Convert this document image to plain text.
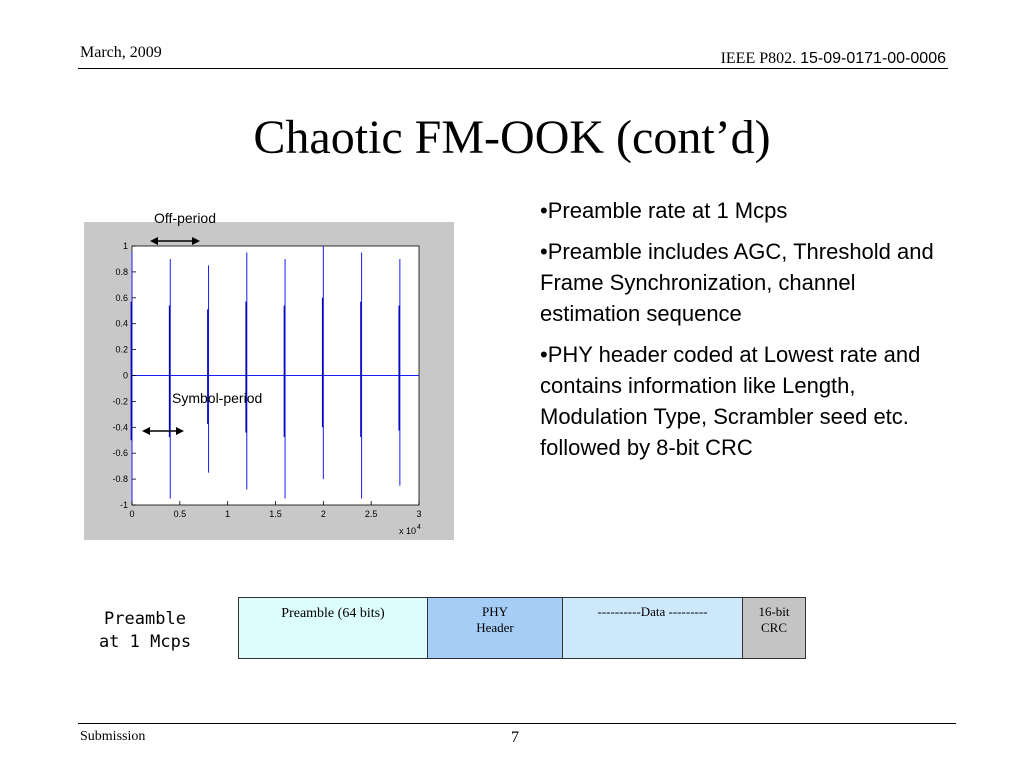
March, 2009	IEEE P802. 15-09-0171-00-0006
Chaotic FM-OOK (cont’d)
0	0.5	1	1.5	2	2.5	3
1
0.8
0.6
0.4
0.2
0
-0.2
-0.4
-0.6
-0.8
-1
x 10 4
Off-period
Symbol-period
•Preamble rate at 1 Mcps
•Preamble includes AGC, Threshold and Frame Synchronization, channel estimation sequence
•PHY header coded at Lowest rate and contains information like Length, Modulation Type, Scrambler seed etc. followed by 8-bit CRC
Preamble
at 1 Mcps
Preamble (64 bits)	----------Data ---------
PHY
Header
16-bit
CRC
Submission	7
